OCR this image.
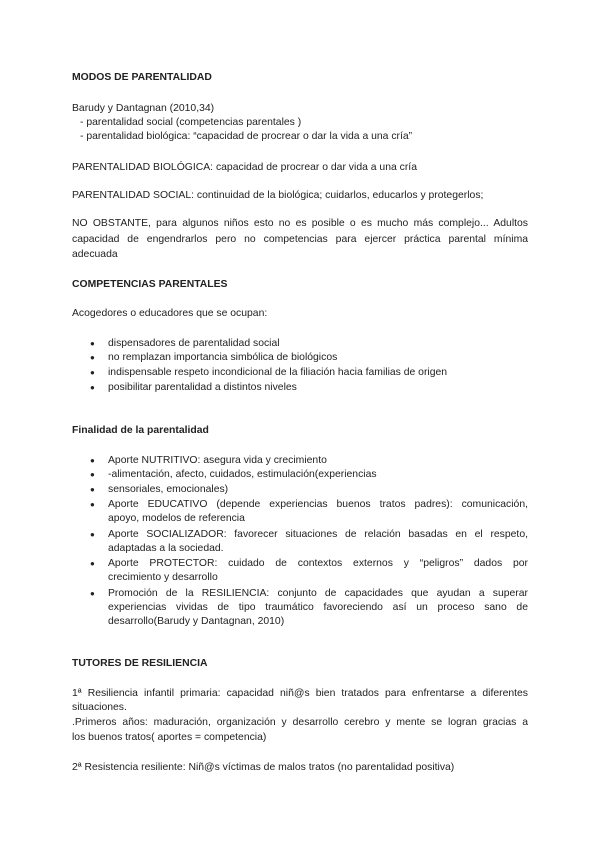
MODOS DE PARENTALIDAD
Barudy y Dantagnan (2010,34)
- parentalidad social (competencias parentales )
- parentalidad biológica: “capacidad de procrear o dar la vida a una cría”
PARENTALIDAD BIOLÓGICA: capacidad de procrear o dar vida a una cría
PARENTALIDAD SOCIAL: continuidad de la biológica; cuidarlos, educarlos y protegerlos;
NO OBSTANTE, para algunos niños esto no es posible o es mucho más complejo... Adultos
capacidad de engendrarlos pero no competencias para ejercer práctica parental mínima
adecuada
COMPETENCIAS PARENTALES
Acogedores o educadores que se ocupan:
● dispensadores de parentalidad social
● no remplazan importancia simbólica de biológicos
● indispensable respeto incondicional de la filiación hacia familias de origen
● posibilitar parentalidad a distintos niveles
Finalidad de la parentalidad
● Aporte NUTRITIVO: asegura vida y crecimiento
● -alimentación, afecto, cuidados, estimulación(experiencias
● sensoriales, emocionales)
● Aporte EDUCATIVO (depende experiencias buenos tratos padres): comunicación,
apoyo, modelos de referencia
● Aporte SOCIALIZADOR: favorecer situaciones de relación basadas en el respeto,
adaptadas a la sociedad.
● Aporte PROTECTOR: cuidado de contextos externos y “peligros” dados por
crecimiento y desarrollo
● Promoción de la RESILIENCIA: conjunto de capacidades que ayudan a superar
experiencias vividas de tipo traumático favoreciendo así un proceso sano de
desarrollo(Barudy y Dantagnan, 2010)
TUTORES DE RESILIENCIA
1ª Resiliencia infantil primaria: capacidad niñ@s bien tratados para enfrentarse a diferentes
situaciones.
.Primeros años: maduración, organización y desarrollo cerebro y mente se logran gracias a
los buenos tratos( aportes = competencia)
2ª Resistencia resiliente: Niñ@s víctimas de malos tratos (no parentalidad positiva)
